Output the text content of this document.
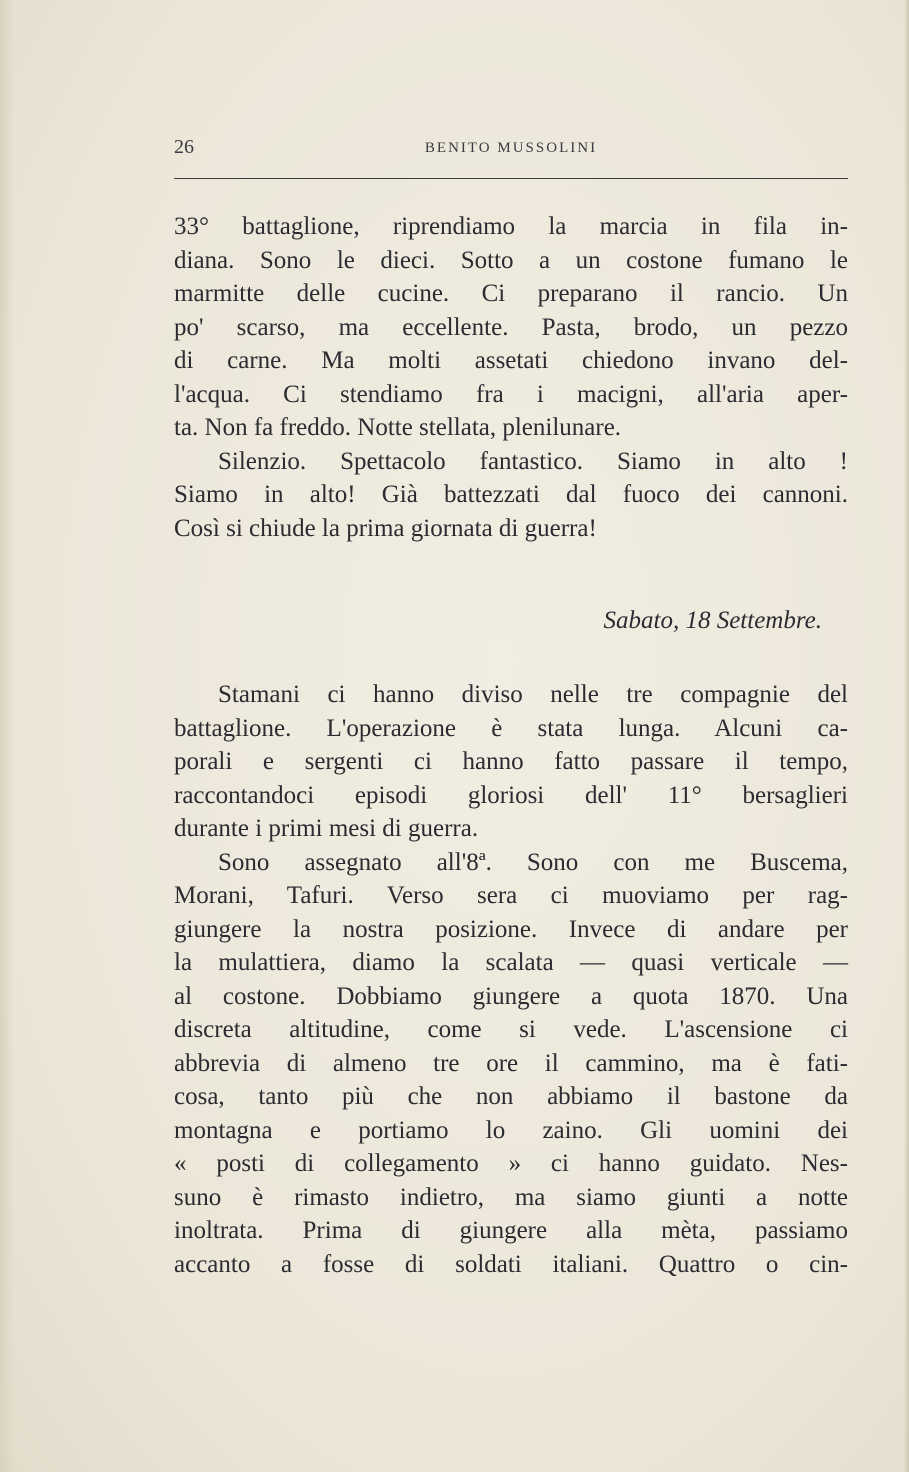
26	BENITO MUSSOLINI
33° battaglione, riprendiamo la marcia in fila in-
diana. Sono le dieci. Sotto a un costone fumano le
marmitte delle cucine. Ci preparano il rancio. Un
po' scarso, ma eccellente. Pasta, brodo, un pezzo
di carne. Ma molti assetati chiedono invano del-
l'acqua. Ci stendiamo fra i macigni, all'aria aper-
ta. Non fa freddo. Notte stellata, plenilunare.
Silenzio. Spettacolo fantastico. Siamo in alto !
Siamo in alto! Già battezzati dal fuoco dei cannoni.
Così si chiude la prima giornata di guerra!
Sabato, 18 Settembre.
Stamani ci hanno diviso nelle tre compagnie del
battaglione. L'operazione è stata lunga. Alcuni ca-
porali e sergenti ci hanno fatto passare il tempo,
raccontandoci episodi gloriosi dell' 11° bersaglieri
durante i primi mesi di guerra.
Sono assegnato all'8ª. Sono con me Buscema,
Morani, Tafuri. Verso sera ci muoviamo per rag-
giungere la nostra posizione. Invece di andare per
la mulattiera, diamo la scalata — quasi verticale —
al costone. Dobbiamo giungere a quota 1870. Una
discreta altitudine, come si vede. L'ascensione ci
abbrevia di almeno tre ore il cammino, ma è fati-
cosa, tanto più che non abbiamo il bastone da
montagna e portiamo lo zaino. Gli uomini dei
« posti di collegamento » ci hanno guidato. Nes-
suno è rimasto indietro, ma siamo giunti a notte
inoltrata. Prima di giungere alla mèta, passiamo
accanto a fosse di soldati italiani. Quattro o cin-
